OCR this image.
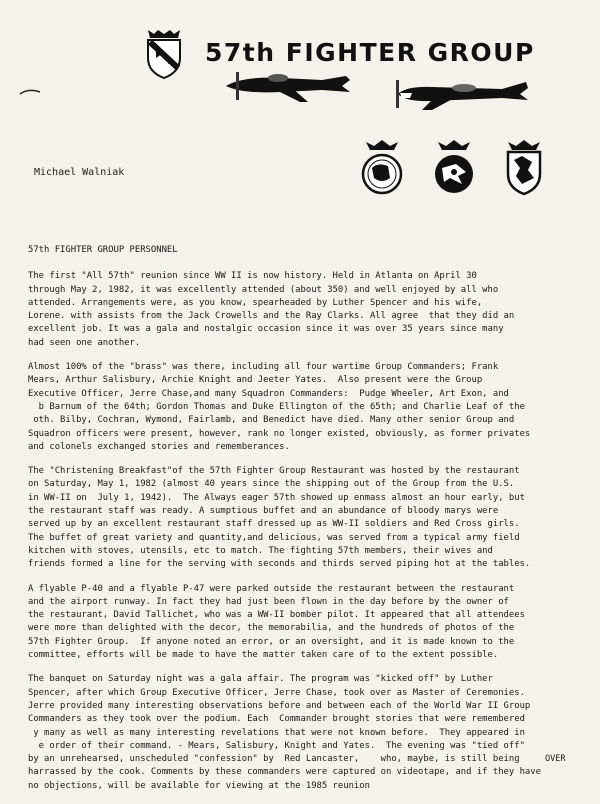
57th FIGHTER GROUP
Michael Walniak
57th FIGHTER GROUP PERSONNEL
The first "All 57th" reunion since WW II is now history. Held in Atlanta on April 30
through May 2, 1982, it was excellently attended (about 350) and well enjoyed by all who
attended. Arrangements were, as you know, spearheaded by Luther Spencer and his wife,
Lorene. with assists from the Jack Crowells and the Ray Clarks. All agree  that they did an
excellent job. It was a gala and nostalgic occasion since it was over 35 years since many
had seen one another.
Almost 100% of the "brass" was there, including all four wartime Group Commanders; Frank
Mears, Arthur Salisbury, Archie Knight and Jeeter Yates.  Also present were the Group
Executive Officer, Jerre Chase,and many Squadron Commanders:  Pudge Wheeler, Art Exon, and
b Barnum of the 64th; Gordon Thomas and Duke Ellington of the 65th; and Charlie Leaf of the
oth. Bilby, Cochran, Wymond, Fairlamb, and Benedict have died. Many other senior Group and
Squadron officers were present, however, rank no longer existed, obviously, as former privates
and colonels exchanged stories and rememberances.
The "Christening Breakfast"of the 57th Fighter Group Restaurant was hosted by the restaurant
on Saturday, May 1, 1982 (almost 40 years since the shipping out of the Group from the U.S.
in WW-II on  July 1, 1942).  The Always eager 57th showed up enmass almost an hour early, but
the restaurant staff was ready. A sumptious buffet and an abundance of bloody marys were
served up by an excellent restaurant staff dressed up as WW-II soldiers and Red Cross girls.
The buffet of great variety and quantity,and delicious, was served from a typical army field
kitchen with stoves, utensils, etc to match. The fighting 57th members, their wives and
friends formed a line for the serving with seconds and thirds served piping hot at the tables.
A flyable P-40 and a flyable P-47 were parked outside the restaurant between the restaurant
and the airport runway. In fact they had just been flown in the day before by the owner of
the restaurant, David Tallichet, who was a WW-II bomber pilot. It appeared that all attendees
were more than delighted with the decor, the memorabilia, and the hundreds of photos of the
57th Fighter Group.  If anyone noted an error, or an oversight, and it is made known to the
committee, efforts will be made to have the matter taken care of to the extent possible.
The banquet on Saturday night was a gala affair. The program was "kicked off" by Luther
Spencer, after which Group Executive Officer, Jerre Chase, took over as Master of Ceremonies.
Jerre provided many interesting observations before and between each of the World War II Group
Commanders as they took over the podium. Each  Commander brought stories that were remembered
y many as well as many interesting revelations that were not known before.  They appeared in
e order of their command. - Mears, Salisbury, Knight and Yates.  The evening was "tied off"
by an unrehearsed, unscheduled "confession" by  Red Lancaster,    who, maybe, is still being
harrassed by the cook. Comments by these commanders were captured on videotape, and if they have
no objections, will be available for viewing at the 1985 reunion
OVER
